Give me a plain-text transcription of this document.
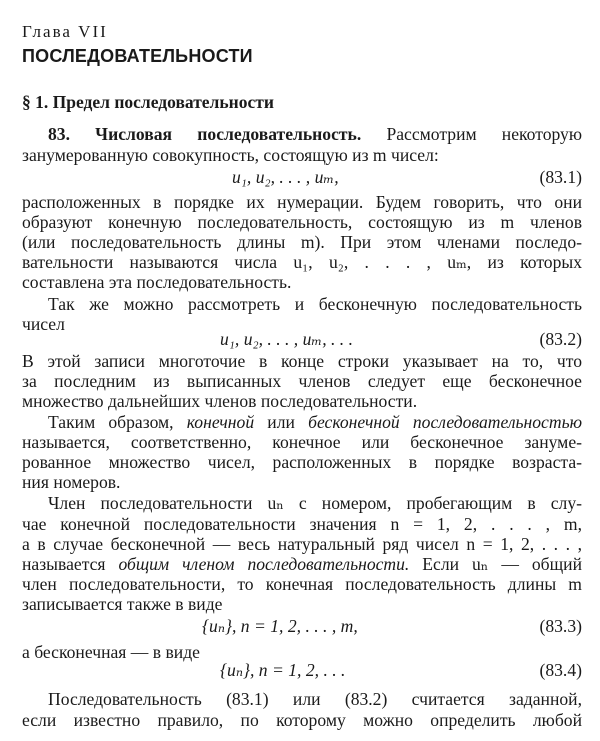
Глава VII
ПОСЛЕДОВАТЕЛЬНОСТИ
§ 1. Предел последовательности
83. Числовая последовательность. Рассмотрим некоторую
занумерованную совокупность, состоящую из m чисел:
u₁, u₂, . . . , uₘ,	(83.1)
расположенных в порядке их нумерации. Будем говорить, что они
образуют конечную последовательность, состоящую из m членов
(или последовательность длины m). При этом членами последо-
вательности называются числа u₁, u₂, . . . , uₘ, из которых
составлена эта последовательность.
Так же можно рассмотреть и бесконечную последовательность
чисел
u₁, u₂, . . . , uₘ, . . .	(83.2)
В этой записи многоточие в конце строки указывает на то, что
за последним из выписанных членов следует еще бесконечное
множество дальнейших членов последовательности.
Таким образом, конечной или бесконечной последовательностью
называется, соответственно, конечное или бесконечное зануме-
рованное множество чисел, расположенных в порядке возраста-
ния номеров.
Член последовательности uₙ с номером, пробегающим в слу-
чае конечной последовательности значения n = 1, 2, . . . , m,
а в случае бесконечной — весь натуральный ряд чисел n = 1, 2, . . . ,
называется общим членом последовательности. Если uₙ — общий
член последовательности, то конечная последовательность длины m
записывается также в виде
{uₙ}, n = 1, 2, . . . , m,	(83.3)
а бесконечная — в виде
{uₙ}, n = 1, 2, . . .	(83.4)
Последовательность (83.1) или (83.2) считается заданной,
если известно правило, по которому можно определить любой
